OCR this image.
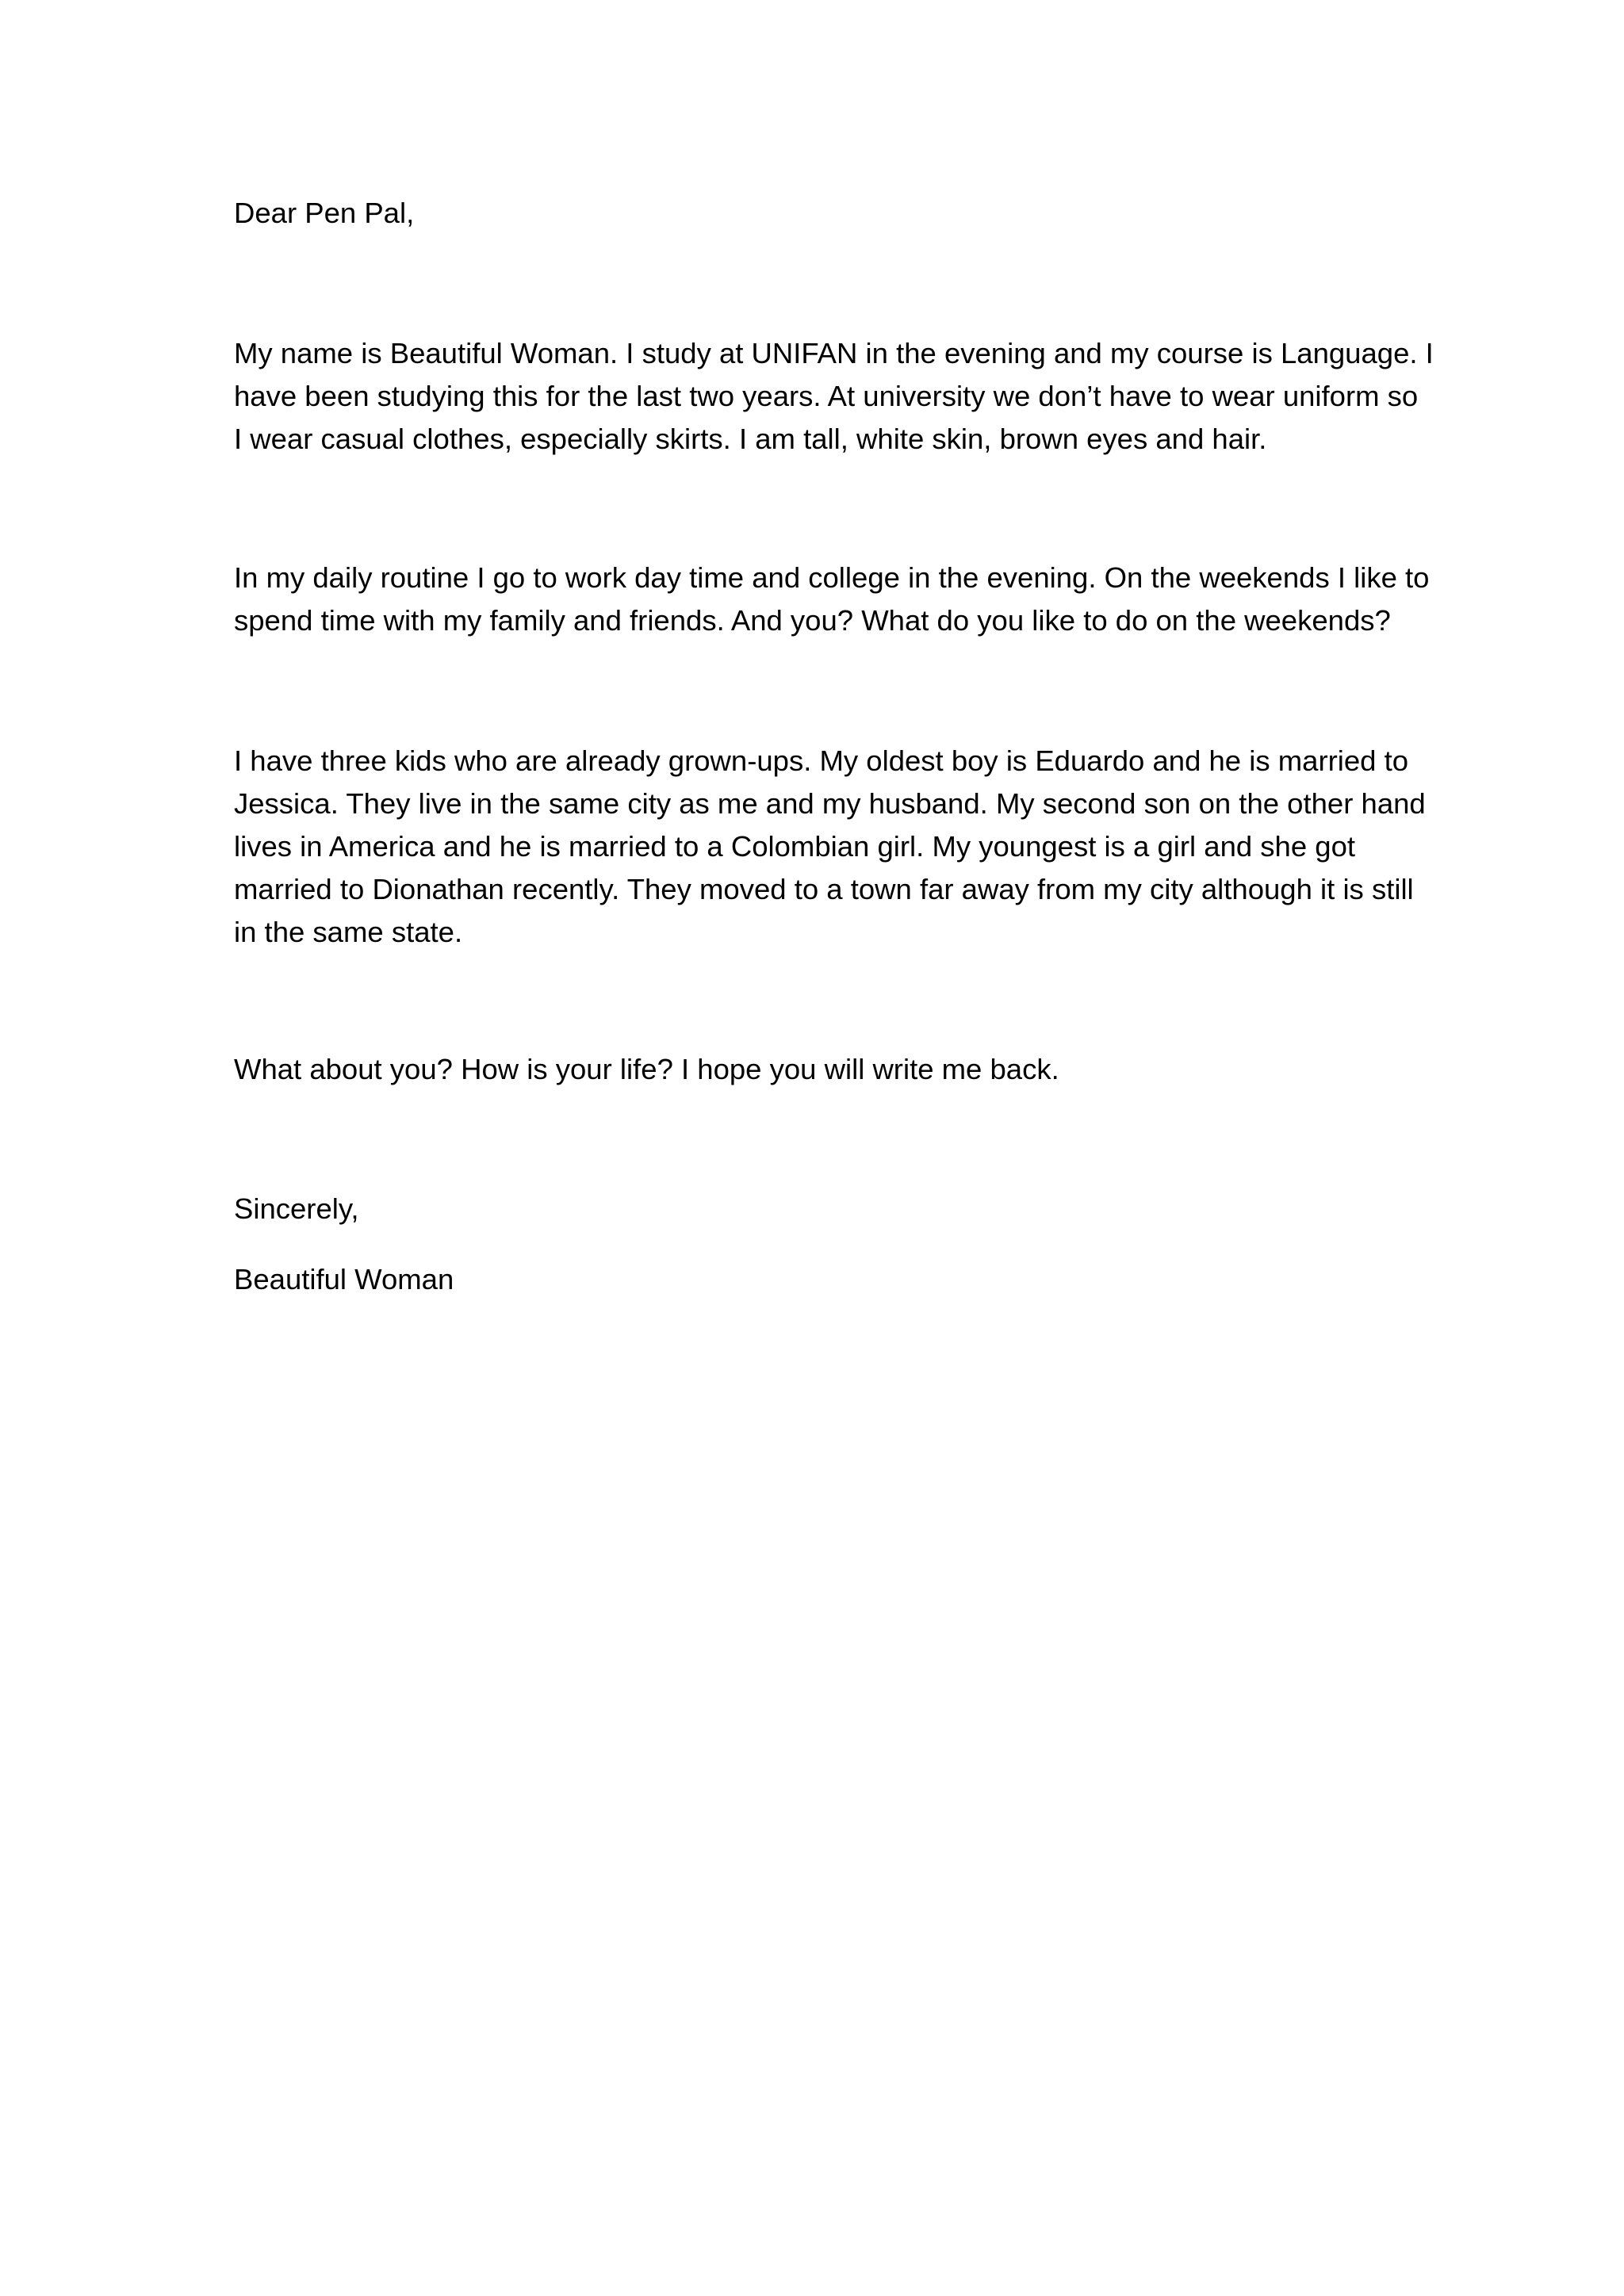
Dear Pen Pal,

My name is Beautiful Woman. I study at UNIFAN in the evening and my course is Language. I
have been studying this for the last two years. At university we don’t have to wear uniform so
I wear casual clothes, especially skirts. I am tall, white skin, brown eyes and hair.

In my daily routine I go to work day time and college in the evening. On the weekends I like to
spend time with my family and friends. And you? What do you like to do on the weekends?

I have three kids who are already grown-ups. My oldest boy is Eduardo and he is married to
Jessica. They live in the same city as me and my husband. My second son on the other hand
lives in America and he is married to a Colombian girl. My youngest is a girl and she got
married to Dionathan recently. They moved to a town far away from my city although it is still
in the same state.

What about you? How is your life? I hope you will write me back.

Sincerely,

Beautiful Woman
